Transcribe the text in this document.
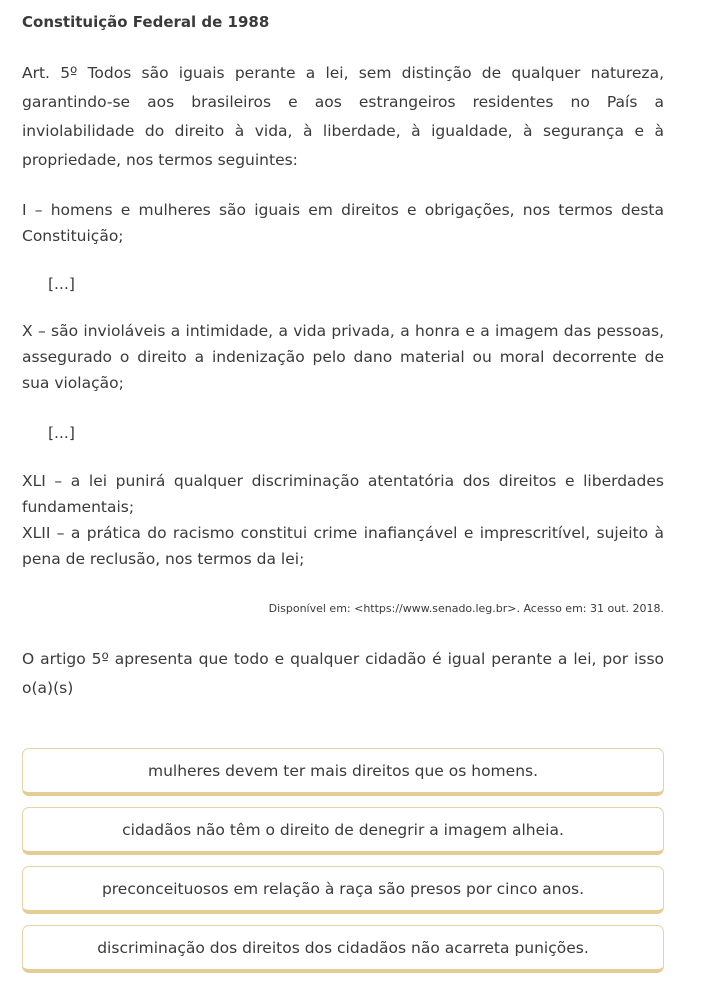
Constituição Federal de 1988
Art. 5º Todos são iguais perante a lei, sem distinção de qualquer natureza, garantindo-se aos brasileiros e aos estrangeiros residentes no País a inviolabilidade do direito à vida, à liberdade, à igualdade, à segurança e à propriedade, nos termos seguintes:
I – homens e mulheres são iguais em direitos e obrigações, nos termos desta Constituição;
[...]
X – são invioláveis a intimidade, a vida privada, a honra e a imagem das pessoas, assegurado o direito a indenização pelo dano material ou moral decorrente de sua violação;
[...]
XLI – a lei punirá qualquer discriminação atentatória dos direitos e liberdades fundamentais;
XLII – a prática do racismo constitui crime inafiançável e imprescritível, sujeito à pena de reclusão, nos termos da lei;
Disponível em: <https://www.senado.leg.br>. Acesso em: 31 out. 2018.
O artigo 5º apresenta que todo e qualquer cidadão é igual perante a lei, por isso o(a)(s)
mulheres devem ter mais direitos que os homens.
cidadãos não têm o direito de denegrir a imagem alheia.
preconceituosos em relação à raça são presos por cinco anos.
discriminação dos direitos dos cidadãos não acarreta punições.
